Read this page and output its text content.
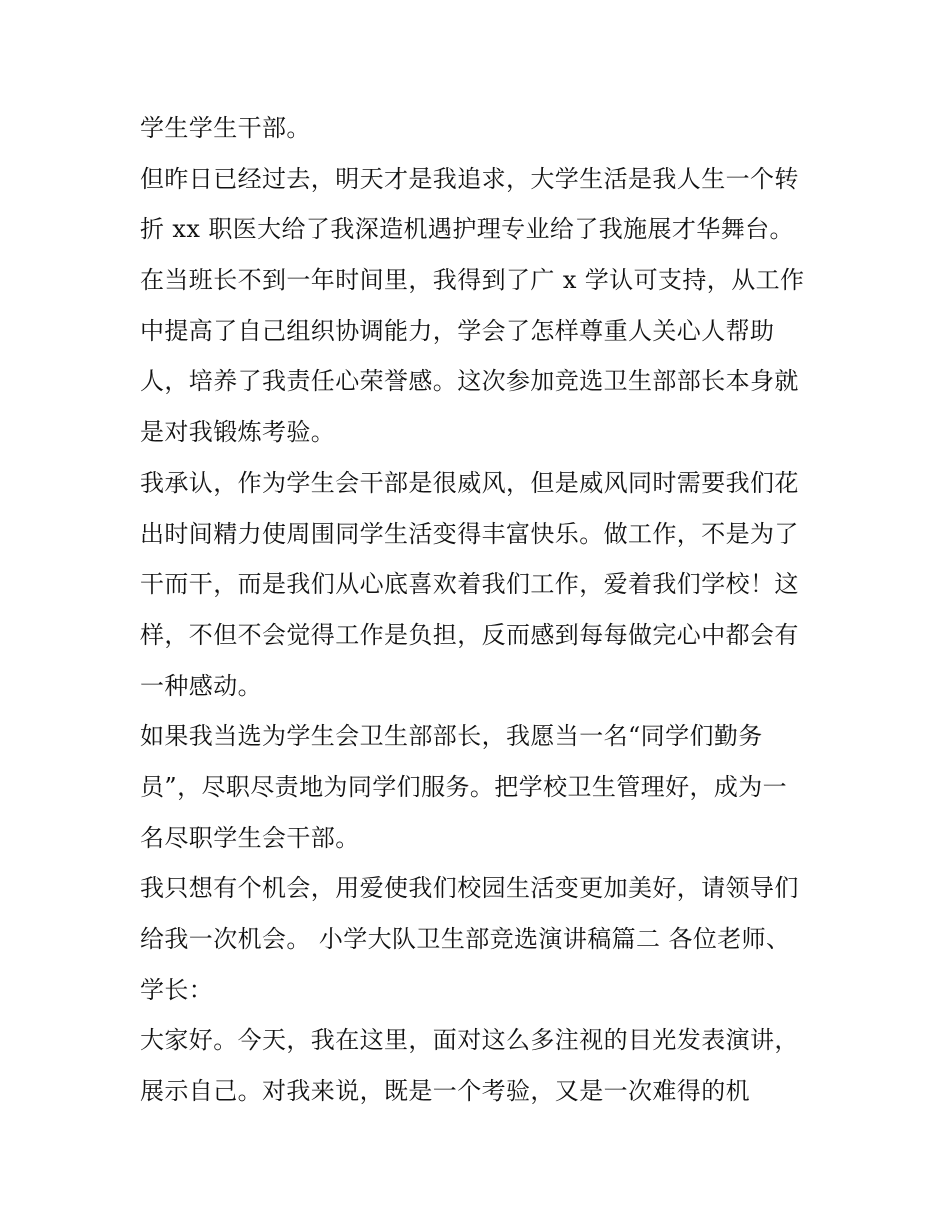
学生学生干部。
但昨日已经过去，明天才是我追求，大学生活是我人生一个转
折 xx 职医大给了我深造机遇护理专业给了我施展才华舞台。
在当班长不到一年时间里，我得到了广 x 学认可支持，从工作
中提高了自己组织协调能力，学会了怎样尊重人关心人帮助
人，培养了我责任心荣誉感。这次参加竞选卫生部部长本身就
是对我锻炼考验。
我承认，作为学生会干部是很威风，但是威风同时需要我们花
出时间精力使周围同学生活变得丰富快乐。做工作，不是为了
干而干，而是我们从心底喜欢着我们工作，爱着我们学校！这
样，不但不会觉得工作是负担，反而感到每每做完心中都会有
一种感动。
如果我当选为学生会卫生部部长，我愿当一名“同学们勤务
员”，尽职尽责地为同学们服务。把学校卫生管理好，成为一
名尽职学生会干部。
我只想有个机会，用爱使我们校园生活变更加美好，请领导们
给我一次机会。 小学大队卫生部竞选演讲稿篇二 各位老师、
学长：
大家好。今天，我在这里，面对这么多注视的目光发表演讲，
展示自己。对我来说，既是一个考验，又是一次难得的机
